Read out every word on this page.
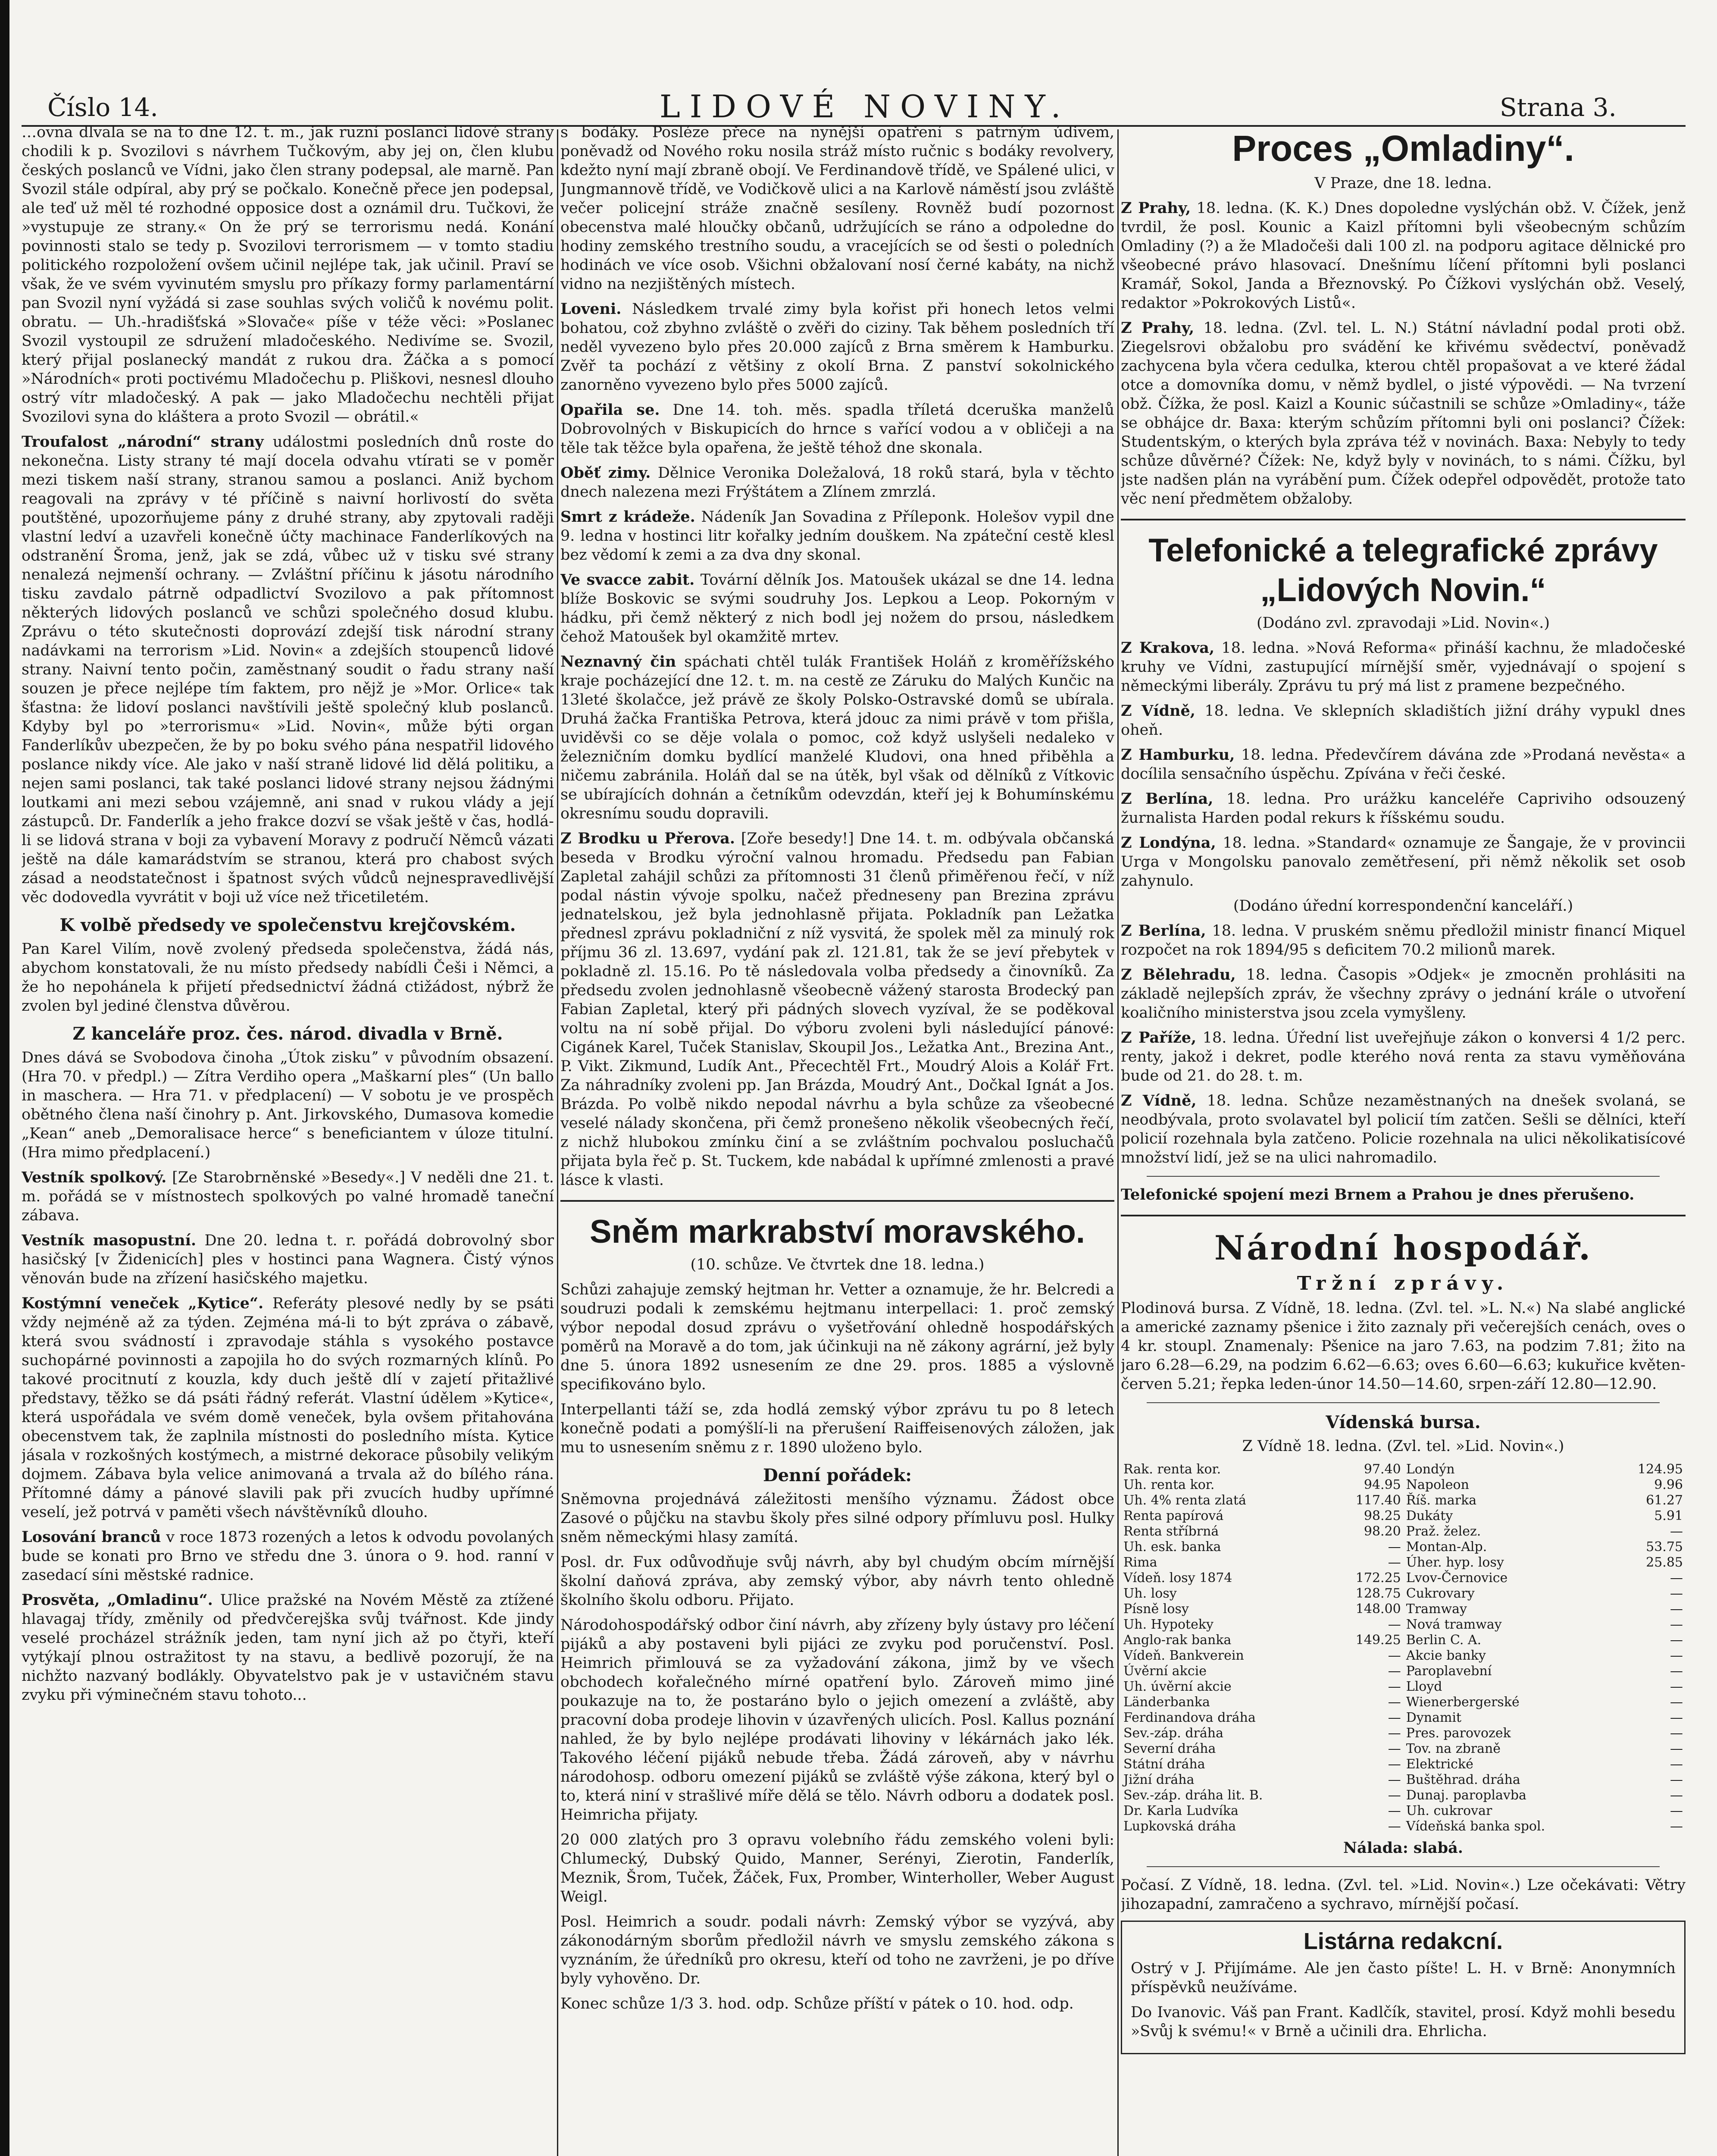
Číslo 14.	LIDOVÉ NOVINY.	Strana 3.

…ovna dlvala se na to dne 12. t. m., jak ruzní poslanci lidové strany chodili k p. Svozilovi s návrhem Tučkovým, aby jej on, člen klubu českých poslanců ve Vídni, jako člen strany podepsal, ale marně. Pan Svozil stále odpíral, aby prý se počkalo. Konečně přece jen podepsal, ale teď už měl té rozhodné opposice dost a oznámil dru. Tučkovi, že »vystupuje ze strany.« On že prý se terrorismu nedá. Konání povinnosti stalo se tedy p. Svozilovi terrorismem — v tomto stadiu politického rozpoložení ovšem učinil nejlépe tak, jak učinil. Praví se však, že ve svém vyvinutém smyslu pro příkazy formy parlamentární pan Svozil nyní vyžádá si zase souhlas svých voličů k novému polit. obratu. — Uh.-hradišťská »Slovače« píše v téže věci: »Poslanec Svozil vystoupil ze sdružení mladočeského. Nedivíme se. Svozil, který přijal poslanecký mandát z rukou dra. Žáčka a s pomocí »Národních« proti poctivému Mladočechu p. Pliškovi, nesnesl dlouho ostrý vítr mladočeský. A pak — jako Mladočechu nechtěli přijat Svozilovi syna do kláštera a proto Svozil — obrátil.«

Troufalost „národní“ strany událostmi posledních dnů roste do nekonečna. Listy strany té mají docela odvahu vtírati se v poměr mezi tiskem naší strany, stranou samou a poslanci. Aniž bychom reagovali na zprávy v té příčině s naivní horlivostí do světa poutštěné, upozorňujeme pány z druhé strany, aby zpytovali raději vlastní ledví a uzavřeli konečně účty machinace Fanderlíkových na odstranění Šroma, jenž, jak se zdá, vůbec už v tisku své strany nenalezá nejmenší ochrany. — Zvláštní příčinu k jásotu národního tisku zavdalo pátrně odpadlictví Svozilovo a pak přítomnost některých lidových poslanců ve schůzi společného dosud klubu. Zprávu o této skutečnosti doprovází zdejší tisk národní strany nadávkami na terrorism »Lid. Novin« a zdejších stoupenců lidové strany. Naivní tento počin, zaměstnaný soudit o řadu strany naší souzen je přece nejlépe tím faktem, pro nějž je »Mor. Orlice« tak šťastna: že lidoví poslanci navštívili ještě společný klub poslanců. Kdyby byl po »terrorismu« »Lid. Novin«, může býti organ Fanderlíkův ubezpečen, že by po boku svého pána nespatřil lidového poslance nikdy více. Ale jako v naší straně lidové lid dělá politiku, a nejen sami poslanci, tak také poslanci lidové strany nejsou žádnými loutkami ani mezi sebou vzájemně, ani snad v rukou vlády a její zástupců. Dr. Fanderlík a jeho frakce dozví se však ještě v čas, hodlá-li se lidová strana v boji za vybavení Moravy z područí Němců vázati ještě na dále kamarádstvím se stranou, která pro chabost svých zásad a neodstatečnost i špatnost svých vůdců nejnespravedlivější věc dodovedla vyvrátit v boji už více než třicetiletém.

K volbě předsedy ve společenstvu krejčovském.

Pan Karel Vilím, nově zvolený předseda společenstva, žádá nás, abychom konstatovali, že nu místo předsedy nabídli Češi i Němci, a že ho nepohánela k přijetí předsednictví žádná ctižádost, nýbrž že zvolen byl jediné členstva důvěrou.

Z kanceláře proz. čes. národ. divadla v Brně.

Dnes dává se Svobodova činoha „Útok ziskuˮ v původním obsazení. (Hra 70. v předpl.) — Zítra Verdiho opera „Maškarní ples“ (Un ballo in maschera. — Hra 71. v předplacení) — V sobotu je ve prospěch obětného člena naší činohry p. Ant. Jirkovského, Dumasova komedie „Kean“ aneb „Demoralisace herce“ s beneficiantem v úloze titulní. (Hra mimo předplacení.)

Vestník spolkový. [Ze Starobrněnské »Besedy«.] V neděli dne 21. t. m. pořádá se v místnostech spolkových po valné hromadě taneční zábava.

Vestník masopustní. Dne 20. ledna t. r. pořádá dobrovolný sbor hasičský [v Židenicích] ples v hostinci pana Wagnera. Čistý výnos věnován bude na zřízení hasičského majetku.

Kostýmní veneček „Kytice“. Referáty plesové nedly by se psáti vždy nejméně až za týden. Zejména má-li to být zpráva o zábavě, která svou svádností i zpravodaje stáhla s vysokého postavce suchopárné povinnosti a zapojila ho do svých rozmarných klínů. Po takové procitnutí z kouzla, kdy duch ještě dlí v zajetí přitažlivé představy, těžko se dá psáti řádný referát. Vlastní údělem »Kytice«, která uspořádala ve svém domě veneček, byla ovšem přitahována obecenstvem tak, že zaplnila místnosti do posledního místa. Kytice jásala v rozkošných kostýmech, a mistrné dekorace působily velikým dojmem. Zábava byla velice animovaná a trvala až do bílého rána. Přítomné dámy a pánové slavili pak při zvucích hudby upřímné veselí, jež potrvá v paměti všech návštěvníků dlouho.

Losování branců v roce 1873 rozených a letos k odvodu povolaných bude se konati pro Brno ve středu dne 3. února o 9. hod. ranní v zasedací síni městské radnice.

Prosvěta, „Omladinu“. Ulice pražské na Novém Městě za ztížené hlavagaj třídy, změnily od předvčerejška svůj tvářnost. Kde jindy veselé procházel strážník jeden, tam nyní jich až po čtyři, kteří vytýkají plnou ostražitost ty na stavu, a bedlivě pozorují, že na nichžto nazvaný bodlákly. Obyvatelstvo pak je v ustavičném stavu zvyku při výminečném stavu tohoto...

s bodáky. Posléze přece na nynější opatření s patrným údivem, poněvadž od Nového roku nosila stráž místo ručnic s bodáky revolvery, kdežto nyní mají zbraně obojí. Ve Ferdinandově třídě, ve Spálené ulici, v Jungmannově třídě, ve Vodičkově ulici a na Karlově náměstí jsou zvláště večer policejní stráže značně sesíleny. Rovněž budí pozornost obecenstva malé hloučky občanů, udržujících se ráno a odpoledne do hodiny zemského trestního soudu, a vracejících se od šesti o poledních hodinách ve více osob. Všichni obžalovaní nosí černé kabáty, na nichž vidno na nezjištěných místech.

Loveni. Následkem trvalé zimy byla kořist při honech letos velmi bohatou, což zbyhno zvláště o zvěři do ciziny. Tak během posledních tří neděl vyvezeno bylo přes 20.000 zajíců z Brna směrem k Hamburku. Zvěř ta pochází z většiny z okolí Brna. Z panství sokolnického zanorněno vyvezeno bylo přes 5000 zajíců.

Opařila se. Dne 14. toh. měs. spadla tříletá dceruška manželů Dobrovolných v Biskupicích do hrnce s vařící vodou a v obličeji a na těle tak těžce byla opařena, že ještě téhož dne skonala.

Oběť zimy. Dělnice Veronika Doležalová, 18 roků stará, byla v těchto dnech nalezena mezi Frýštátem a Zlínem zmrzlá.

Smrt z krádeže. Nádeník Jan Sovadina z Příleponk. Holešov vypil dne 9. ledna v hostinci litr kořalky jedním douškem. Na zpáteční cestě klesl bez vědomí k zemi a za dva dny skonal.

Ve svacce zabit. Tovární dělník Jos. Matoušek ukázal se dne 14. ledna blíže Boskovic se svými soudruhy Jos. Lepkou a Leop. Pokorným v hádku, při čemž některý z nich bodl jej nožem do prsou, následkem čehož Matoušek byl okamžitě mrtev.

Neznavný čin spáchati chtěl tulák František Holáň z kroměřížského kraje pocházející dne 12. t. m. na cestě ze Záruku do Malých Kunčic na 13leté školačce, jež právě ze školy Polsko-Ostravské domů se ubírala. Druhá žačka Františka Petrova, která jdouc za nimi právě v tom přišla, uviděvši co se děje volala o pomoc, což když uslyšeli nedaleko v železničním domku bydlící manželé Kludovi, ona hned přiběhla a ničemu zabránila. Holáň dal se na útěk, byl však od dělníků z Vítkovic se ubírajících dohnán a četníkům odevzdán, kteří jej k Bohumínskému okresnímu soudu dopravili.

Z Brodku u Přerova. [Zoře besedy!] Dne 14. t. m. odbývala občanská beseda v Brodku výroční valnou hromadu. Předsedu pan Fabian Zapletal zahájil schůzi za přítomnosti 31 členů přiměřenou řečí, v níž podal nástin vývoje spolku, načež předneseny pan Brezina zprávu jednatelskou, jež byla jednohlasně přijata. Pokladník pan Ležatka přednesl zprávu pokladniční z níž vysvitá, že spolek měl za minulý rok příjmu 36 zl. 13.697, vydání pak zl. 121.81, tak že se jeví přebytek v pokladně zl. 15.16. Po tě následovala volba předsedy a činovníků. Za předsedu zvolen jednohlasně všeobecně vážený starosta Brodecký pan Fabian Zapletal, který při pádných slovech vyzíval, že se poděkoval voltu na ní sobě přijal. Do výboru zvoleni byli následující pánové: Cigánek Karel, Tuček Stanislav, Skoupil Jos., Ležatka Ant., Brezina Ant., P. Vikt. Zikmund, Ludík Ant., Přecechtěl Frt., Moudrý Alois a Kolář Frt. Za náhradníky zvoleni pp. Jan Brázda, Moudrý Ant., Dočkal Ignát a Jos. Brázda. Po volbě nikdo nepodal návrhu a byla schůze za všeobecné veselé nálady skončena, při čemž pronešeno několik všeobecných řečí, z nichž hlubokou zmínku činí a se zvláštním pochvalou posluchačů přijata byla řeč p. St. Tuckem, kde nabádal k upřímné zmlenosti a pravé lásce k vlasti.

Sněm markrabství moravského.

(10. schůze. Ve čtvrtek dne 18. ledna.)

Schůzi zahajuje zemský hejtman hr. Vetter a oznamuje, že hr. Belcredi a soudruzi podali k zemskému hejtmanu interpellaci: 1. proč zemský výbor nepodal dosud zprávu o vyšetřování ohledně hospodářských poměrů na Moravě a do tom, jak účinkuji na ně zákony agrární, jež byly dne 5. února 1892 usnesením ze dne 29. pros. 1885 a výslovně specifikováno bylo.

Interpellanti táží se, zda hodlá zemský výbor zprávu tu po 8 letech konečně podati a pomýšlí-li na přerušení Raiffeisenových záložen, jak mu to usnesením sněmu z r. 1890 uloženo bylo.

Denní pořádek:

Sněmovna projednává záležitosti menšího významu. Žádost obce Zasové o půjčku na stavbu školy přes silné odpory přímluvu posl. Hulky sněm německými hlasy zamítá.

Posl. dr. Fux odůvodňuje svůj návrh, aby byl chudým obcím mírnější školní daňová zpráva, aby zemský výbor, aby návrh tento ohledně školního školu odboru. Přijato.

Národohospodářský odbor činí návrh, aby zřízeny byly ústavy pro léčení pijáků a aby postaveni byli pijáci ze zvyku pod poručenství. Posl. Heimrich přimlouvá se za vyžadování zákona, jimž by ve všech obchodech kořalečného mírné opatření bylo. Zároveň mimo jiné poukazuje na to, že postaráno bylo o jejich omezení a zvláště, aby pracovní doba prodeje lihovin v úzavřených ulicích. Posl. Kallus poznání nahled, že by bylo nejlépe prodávati lihoviny v lékárnách jako lék. Takového léčení pijáků nebude třeba. Žádá zároveň, aby v návrhu národohosp. odboru omezení pijáků se zvláště výše zákona, který byl o to, která niní v strašlivé míře dělá se tělo. Návrh odboru a dodatek posl. Heimricha přijaty.

20 000 zlatých pro 3 opravu volebního řádu zemského voleni byli: Chlumecký, Dubský Quido, Manner, Serényi, Zierotin, Fanderlík, Meznik, Šrom, Tuček, Žáček, Fux, Promber, Winterholler, Weber August Weigl.

Posl. Heimrich a soudr. podali návrh: Zemský výbor se vyzývá, aby zákonodárným sborům předložil návrh ve smyslu zemského zákona s vyznáním, že úředníků pro okresu, kteří od toho ne zavrženi, je po dříve byly vyhověno. Dr.

Konec schůze 1/3 3. hod. odp. Schůze příští v pátek o 10. hod. odp.

Proces „Omladiny“.

V Praze, dne 18. ledna.

Z Prahy, 18. ledna. (K. K.) Dnes dopoledne vyslýchán obž. V. Čížek, jenž tvrdil, že posl. Kounic a Kaizl přítomni byli všeobecným schůzím Omladiny (?) a že Mladočeši dali 100 zl. na podporu agitace dělnické pro všeobecné právo hlasovací. Dnešnímu líčení přítomni byli poslanci Kramář, Sokol, Janda a Březnovský. Po Čížkovi vyslýchán obž. Veselý, redaktor »Pokrokových Listů«.

Z Prahy, 18. ledna. (Zvl. tel. L. N.) Státní návladní podal proti obž. Ziegelsrovi obžalobu pro svádění ke křivému svědectví, poněvadž zachycena byla včera cedulka, kterou chtěl propašovat a ve které žádal otce a domovníka domu, v němž bydlel, o jisté výpovědi. — Na tvrzení obž. Čížka, že posl. Kaizl a Kounic súčastnili se schůze »Omladiny«, táže se obhájce dr. Baxa: kterým schůzím přítomni byli oni poslanci? Čížek: Studentským, o kterých byla zpráva též v novinách. Baxa: Nebyly to tedy schůze důvěrné? Čížek: Ne, když byly v novinách, to s námi. Čížku, byl jste nadšen plán na vyrábění pum. Čížek odepřel odpovědět, protože tato věc není předmětem obžaloby.

Telefonické a telegrafické zprávy „Lidových Novin.“

(Dodáno zvl. zpravodaji »Lid. Novin«.)

Z Krakova, 18. ledna. »Nová Reforma« přináší kachnu, že mladočeské kruhy ve Vídni, zastupující mírnější směr, vyjednávají o spojení s německými liberály. Zprávu tu prý má list z pramene bezpečného.

Z Vídně, 18. ledna. Ve sklepních skladištích jižní dráhy vypukl dnes oheň.

Z Hamburku, 18. ledna. Předevčírem dávána zde »Prodaná nevěsta« a docílila sensačního úspěchu. Zpívána v řeči české.

Z Berlína, 18. ledna. Pro urážku kanceléře Capriviho odsouzený žurnalista Harden podal rekurs k říšskému soudu.

Z Londýna, 18. ledna. »Standard« oznamuje ze Šangaje, že v provincii Urga v Mongolsku panovalo zemětřesení, při němž několik set osob zahynulo.

(Dodáno úřední korrespondenční kanceláří.)

Z Berlína, 18. ledna. V pruském sněmu předložil ministr financí Miquel rozpočet na rok 1894/95 s deficitem 70.2 milionů marek.

Z Bělehradu, 18. ledna. Časopis »Odjek« je zmocněn prohlásiti na základě nejlepších zpráv, že všechny zprávy o jednání krále o utvoření koaličního ministerstva jsou zcela vymyšleny.

Z Paříže, 18. ledna. Úřední list uveřejňuje zákon o konversi 4 1/2 perc. renty, jakož i dekret, podle kterého nová renta za stavu vyměňována bude od 21. do 28. t. m.

Z Vídně, 18. ledna. Schůze nezaměstnaných na dnešek svolaná, se neodbývala, proto svolavatel byl policií tím zatčen. Sešli se dělníci, kteří policií rozehnala byla zatčeno. Policie rozehnala na ulici několikatisícové množství lidí, jež se na ulici nahromadilo.

Telefonické spojení mezi Brnem a Prahou je dnes přerušeno.

Národní hospodář.
Tržní zprávy.

Plodinová bursa. Z Vídně, 18. ledna. (Zvl. tel. »L. N.«) Na slabé anglické a americké zaznamy pšenice i žito zaznaly při večerejších cenách, oves o 4 kr. stoupl. Znamenaly: Pšenice na jaro 7.63, na podzim 7.81; žito na jaro 6.28—6.29, na podzim 6.62—6.63; oves 6.60—6.63; kukuřice květen-červen 5.21; řepka leden-únor 14.50—14.60, srpen-září 12.80—12.90.

Vídenská bursa.

Z Vídně 18. ledna. (Zvl. tel. »Lid. Novin«.)

Rak. renta kor.	97.40	Londýn	124.95
Uh. renta kor.	94.95	Napoleon	9.96
Uh. 4% renta zlatá	117.40	Říš. marka	61.27
Renta papírová	98.25	Dukáty	5.91
Renta stříbrná	98.20	Praž. želez.	—
Uh. esk. banka	—	Montan-Alp.	53.75
Rima	—	Úher. hyp. losy	25.85
Vídeň. losy 1874	172.25	Lvov-Černovice	—
Uh. losy	128.75	Cukrovary	—
Písně losy	148.00	Tramway	—
Uh. Hypoteky	—	Nová tramway	—
Anglo-rak banka	149.25	Berlin C. A.	—
Vídeň. Bankverein	—	Akcie banky	—
Úvěrní akcie	—	Paroplavební	—
Uh. úvěrní akcie	—	Lloyd	—
Länderbanka	—	Wienerbergerské	—
Ferdinandova dráha	—	Dynamit	—
Sev.-záp. dráha	—	Pres. parovozek	—
Severní dráha	—	Tov. na zbraně	—
Státní dráha	—	Elektrické	—
Jižní dráha	—	Buštěhrad. dráha	—
Sev.-záp. dráha lit. B.	—	Dunaj. paroplavba	—
Dr. Karla Ludvíka	—	Uh. cukrovar	—
Lupkovská dráha	—	Vídeňská banka spol.	—

Nálada: slabá.

Počasí. Z Vídně, 18. ledna. (Zvl. tel. »Lid. Novin«.) Lze očekávati: Větry jihozapadní, zamračeno a sychravo, mírnější počasí.

Listárna redakcní.

Ostrý v J. Přijímáme. Ale jen často píšte! L. H. v Brně: Anonymních příspěvků neužíváme.

Do Ivanovic. Váš pan Frant. Kadlčík, stavitel, prosí. Když mohli besedu »Svůj k svému!« v Brně a učinili dra. Ehrlicha.
